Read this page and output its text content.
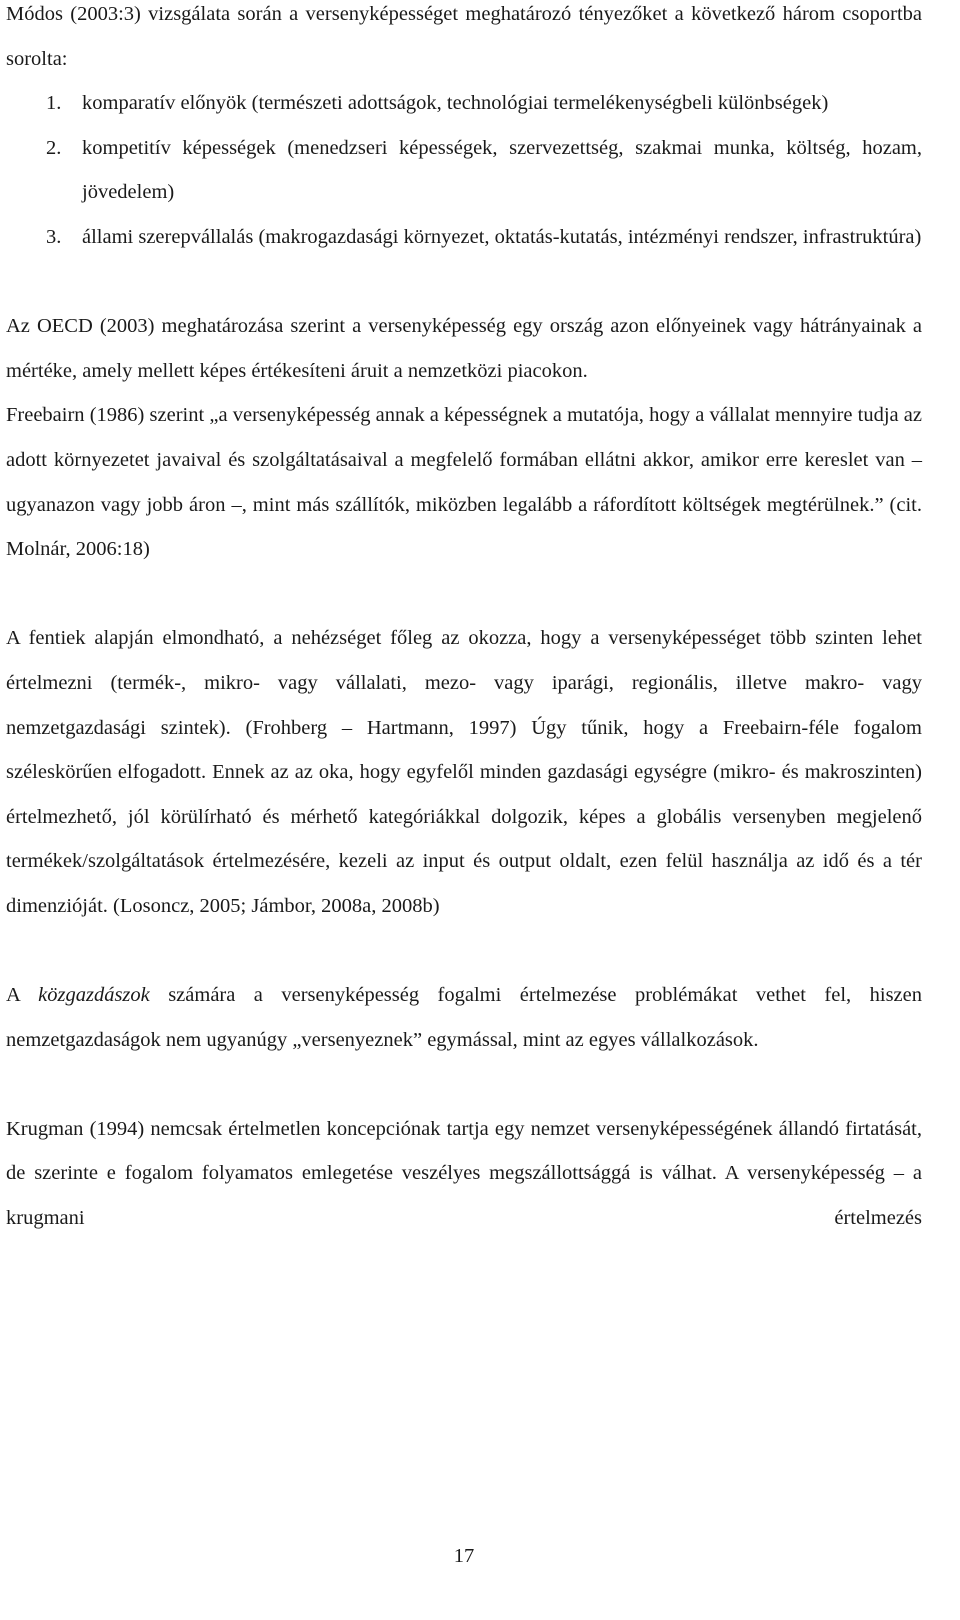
Módos (2003:3) vizsgálata során a versenyképességet meghatározó tényezőket a következő három csoportba sorolta:

1. komparatív előnyök (természeti adottságok, technológiai termelékenységbeli különbségek)
2. kompetitív képességek (menedzseri képességek, szervezettség, szakmai munka, költség, hozam, jövedelem)
3. állami szerepvállalás (makrogazdasági környezet, oktatás-kutatás, intézményi rendszer, infrastruktúra)

Az OECD (2003) meghatározása szerint a versenyképesség egy ország azon előnyeinek vagy hátrányainak a mértéke, amely mellett képes értékesíteni áruit a nemzetközi piacokon.

Freebairn (1986) szerint „a versenyképesség annak a képességnek a mutatója, hogy a vállalat mennyire tudja az adott környezetet javaival és szolgáltatásaival a megfelelő formában ellátni akkor, amikor erre kereslet van – ugyanazon vagy jobb áron –, mint más szállítók, miközben legalább a ráfordított költségek megtérülnek.” (cit. Molnár, 2006:18)

A fentiek alapján elmondható, a nehézséget főleg az okozza, hogy a versenyképességet több szinten lehet értelmezni (termék-, mikro- vagy vállalati, mezo- vagy iparági, regionális, illetve makro- vagy nemzetgazdasági szintek). (Frohberg – Hartmann, 1997) Úgy tűnik, hogy a Freebairn-féle fogalom széleskörűen elfogadott. Ennek az az oka, hogy egyfelől minden gazdasági egységre (mikro- és makroszinten) értelmezhető, jól körülírható és mérhető kategóriákkal dolgozik, képes a globális versenyben megjelenő termékek/szolgáltatások értelmezésére, kezeli az input és output oldalt, ezen felül használja az idő és a tér dimenzióját. (Losoncz, 2005; Jámbor, 2008a, 2008b)

A közgazdászok számára a versenyképesség fogalmi értelmezése problémákat vethet fel, hiszen nemzetgazdaságok nem ugyanúgy „versenyeznek” egymással, mint az egyes vállalkozások.

Krugman (1994) nemcsak értelmetlen koncepciónak tartja egy nemzet versenyképességének állandó firtatását, de szerinte e fogalom folyamatos emlegetése veszélyes megszállottsággá is válhat. A versenyképesség – a krugmani értelmezés

17
